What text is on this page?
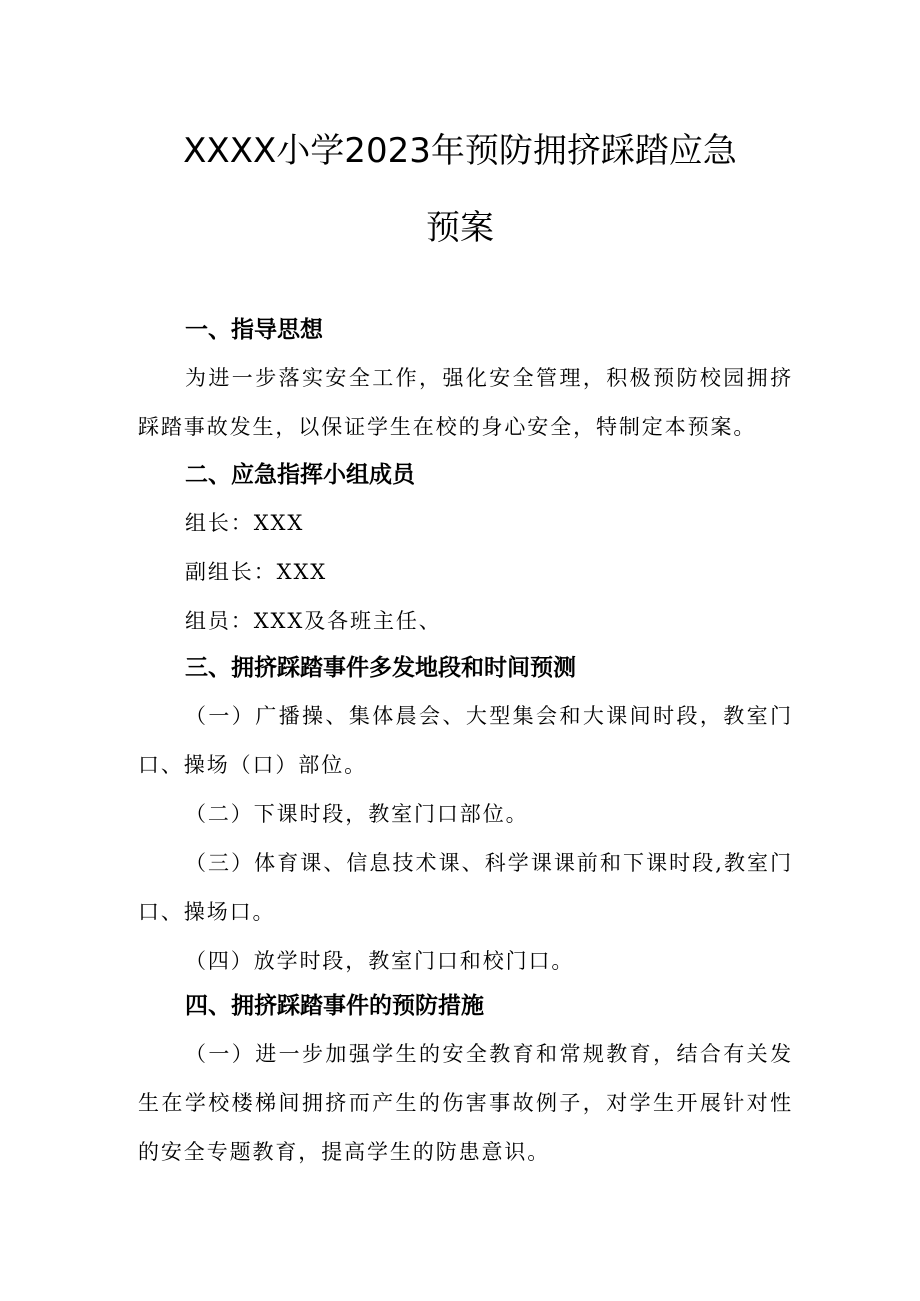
XXXX小学2023年预防拥挤踩踏应急
预案
一、指导思想

为进一步落实安全工作，强化安全管理，积极预防校园拥挤踩踏事故发生，以保证学生在校的身心安全，特制定本预案。

二、应急指挥小组成员

组长：XXX

副组长：XXX

组员：XXX及各班主任、

三、拥挤踩踏事件多发地段和时间预测

（一）广播操、集体晨会、大型集会和大课间时段，教室门口、操场（口）部位。

（二）下课时段，教室门口部位。

（三）体育课、信息技术课、科学课课前和下课时段,教室门口、操场口。

（四）放学时段，教室门口和校门口。

四、拥挤踩踏事件的预防措施

（一）进一步加强学生的安全教育和常规教育，结合有关发生在学校楼梯间拥挤而产生的伤害事故例子，对学生开展针对性的安全专题教育，提高学生的防患意识。
